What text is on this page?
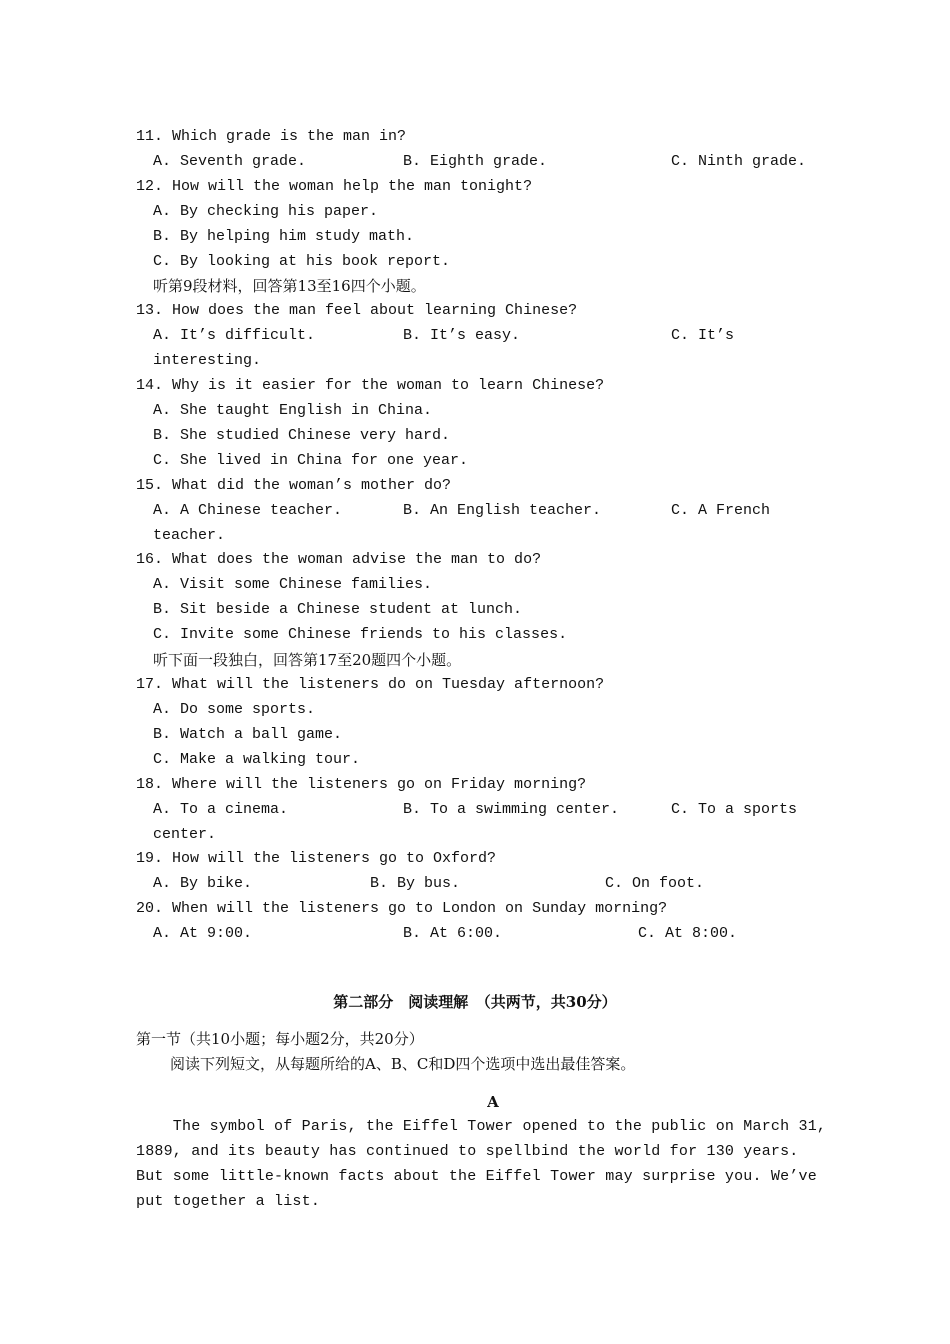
11. Which grade is the man in?
A. Seventh grade.	B. Eighth grade.	C. Ninth grade.
12. How will the woman help the man tonight?
A. By checking his paper.
B. By helping him study math.
C. By looking at his book report.
听第9段材料，回答第13至16四个小题。
13. How does the man feel about learning Chinese?
A. It’s difficult.	B. It’s easy.	C. It’s
interesting.
14. Why is it easier for the woman to learn Chinese?
A. She taught English in China.
B. She studied Chinese very hard.
C. She lived in China for one year.
15. What did the woman’s mother do?
A. A Chinese teacher.	B. An English teacher.	C. A French
teacher.
16. What does the woman advise the man to do?
A. Visit some Chinese families.
B. Sit beside a Chinese student at lunch.
C. Invite some Chinese friends to his classes.
听下面一段独白，回答第17至20题四个小题。
17. What will the listeners do on Tuesday afternoon?
A. Do some sports.
B. Watch a ball game.
C. Make a walking tour.
18. Where will the listeners go on Friday morning?
A. To a cinema.	B. To a swimming center.	C. To a sports
center.
19. How will the listeners go to Oxford?
A. By bike.	B. By bus.	C. On foot.
20. When will the listeners go to London on Sunday morning?
A. At 9:00.	B. At 6:00.	C. At 8:00.
第二部分　阅读理解　（共两节，共30分）
第一节（共10小题；每小题2分，共20分）
阅读下列短文，从每题所给的A、B、C和D四个选项中选出最佳答案。
A
The symbol of Paris, the Eiffel Tower opened to the public on March 31,
1889, and its beauty has continued to spellbind the world for 130 years.
But some little-known facts about the Eiffel Tower may surprise you. We’ve
put together a list.
